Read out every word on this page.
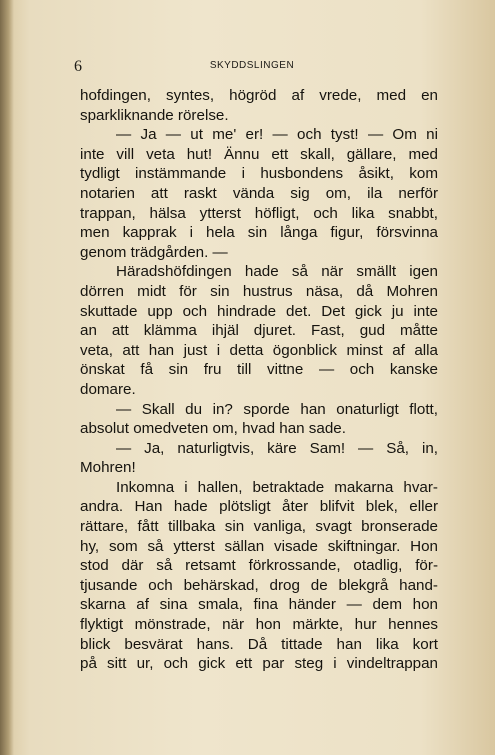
6	SKYDDSLINGEN
hofdingen, syntes, högröd af vrede, med en
sparkliknande rörelse.
— Ja — ut me' er! — och tyst! — Om ni
inte vill veta hut! Ännu ett skall, gällare, med
tydligt instämmande i husbondens åsikt, kom
notarien att raskt vända sig om, ila nerför
trappan, hälsa ytterst höfligt, och lika snabbt,
men kapprak i hela sin långa figur, försvinna
genom trädgården. —
Häradshöfdingen hade så när smällt igen
dörren midt för sin hustrus näsa, då Mohren
skuttade upp och hindrade det. Det gick ju inte
an att klämma ihjäl djuret. Fast, gud måtte
veta, att han just i detta ögonblick minst af alla
önskat få sin fru till vittne — och kanske
domare.
— Skall du in? sporde han onaturligt flott,
absolut omedveten om, hvad han sade.
— Ja, naturligtvis, käre Sam! — Så, in,
Mohren!
Inkomna i hallen, betraktade makarna hvar-
andra. Han hade plötsligt åter blifvit blek, eller
rättare, fått tillbaka sin vanliga, svagt bronserade
hy, som så ytterst sällan visade skiftningar. Hon
stod där så retsamt förkrossande, otadlig, för-
tjusande och behärskad, drog de blekgrå hand-
skarna af sina smala, fina händer — dem hon
flyktigt mönstrade, när hon märkte, hur hennes
blick besvärat hans. Då tittade han lika kort
på sitt ur, och gick ett par steg i vindeltrappan
